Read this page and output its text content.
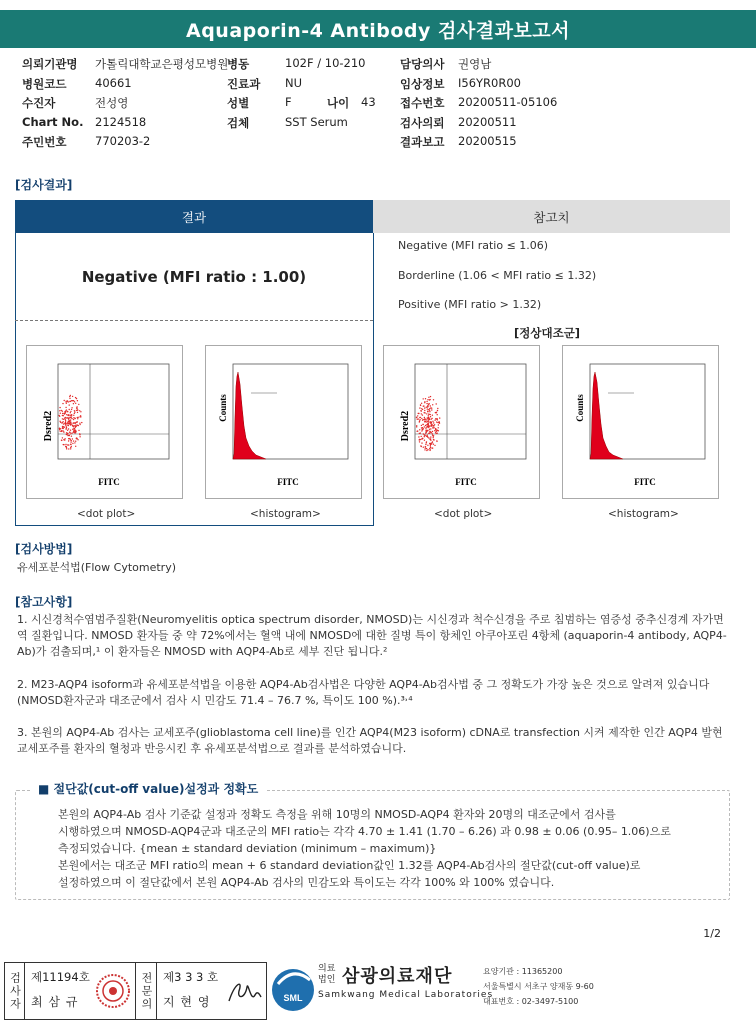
Aquaporin-4 Antibody 검사결과보고서
의뢰기관명 가톨릭대학교은평성모병원
병동	102F / 10-210	담당의사 권영남
병원코드 40661	진료과 NU	임상정보 I56YR0R00
수진자	전성영	성별	F	나이 43 접수번호 20200511-05106
Chart No. 2124518	검체	SST Serum	검사의뢰 20200511
주민번호 770203-2	결과보고 20200515
[검사결과]
결과	참고치
Negative (MFI ratio : 1.00)
Negative (MFI ratio ≤ 1.06)
Borderline (1.06 < MFI ratio ≤ 1.32)
Positive (MFI ratio > 1.32)
[정상대조군]
Dsred2
FITC
Counts
FITC
Dsred2
FITC
Counts
FITC
<dot plot>	<histogram>	<dot plot>	<histogram>
[검사방법]
유세포분석법(Flow Cytometry)
[참고사항]
1. 시신경척수염범주질환(Neuromyelitis optica spectrum disorder, NMOSD)는 시신경과 척수신경을 주로 침범하는 염증성 중추신경계 자가면역 질환입니다. NMOSD 환자들 중 약 72%에서는 혈액 내에 NMOSD에 대한 질병 특이 항체인 아쿠아포린 4항체 (aquaporin-4 antibody, AQP4-Ab)가 검출되며,¹ 이 환자들은 NMOSD with AQP4-Ab로 세부 진단 됩니다.²
2. M23-AQP4 isoform과 유세포분석법을 이용한 AQP4-Ab검사법은 다양한 AQP4-Ab검사법 중 그 정확도가 가장 높은 것으로 알려져 있습니다(NMOSD환자군과 대조군에서 검사 시 민감도 71.4 – 76.7 %, 특이도 100 %).³˒⁴
3. 본원의 AQP4-Ab 검사는 교세포주(glioblastoma cell line)를 인간 AQP4(M23 isoform) cDNA로 transfection 시켜 제작한 인간 AQP4 발현 교세포주를 환자의 혈청과 반응시킨 후 유세포분석법으로 결과를 분석하였습니다.
■ 절단값(cut-off value)설정과 정확도
본원의 AQP4-Ab 검사 기준값 설정과 정확도 측정을 위해 10명의 NMOSD-AQP4 환자와 20명의 대조군에서 검사를
시행하였으며 NMOSD-AQP4군과 대조군의 MFI ratio는 각각 4.70 ± 1.41 (1.70 – 6.26) 과 0.98 ± 0.06 (0.95– 1.06)으로
측정되었습니다. {mean ± standard deviation (minimum – maximum)}
본원에서는 대조군 MFI ratio의 mean + 6 standard deviation값인 1.32를 AQP4-Ab검사의 절단값(cut-off value)로
설정하였으며 이 절단값에서 본원 AQP4-Ab 검사의 민감도와 특이도는 각각 100% 와 100% 였습니다.
1/2
검사자 제11194호
최 삼 규	전문의 제3 3 3 호
지 현 영	SML
의료법인 삼광의료재단
Samkwang Medical Laboratories
요양기관 : 11365200
서울특별시 서초구 양재동 9-60
대표번호 : 02-3497-5100
